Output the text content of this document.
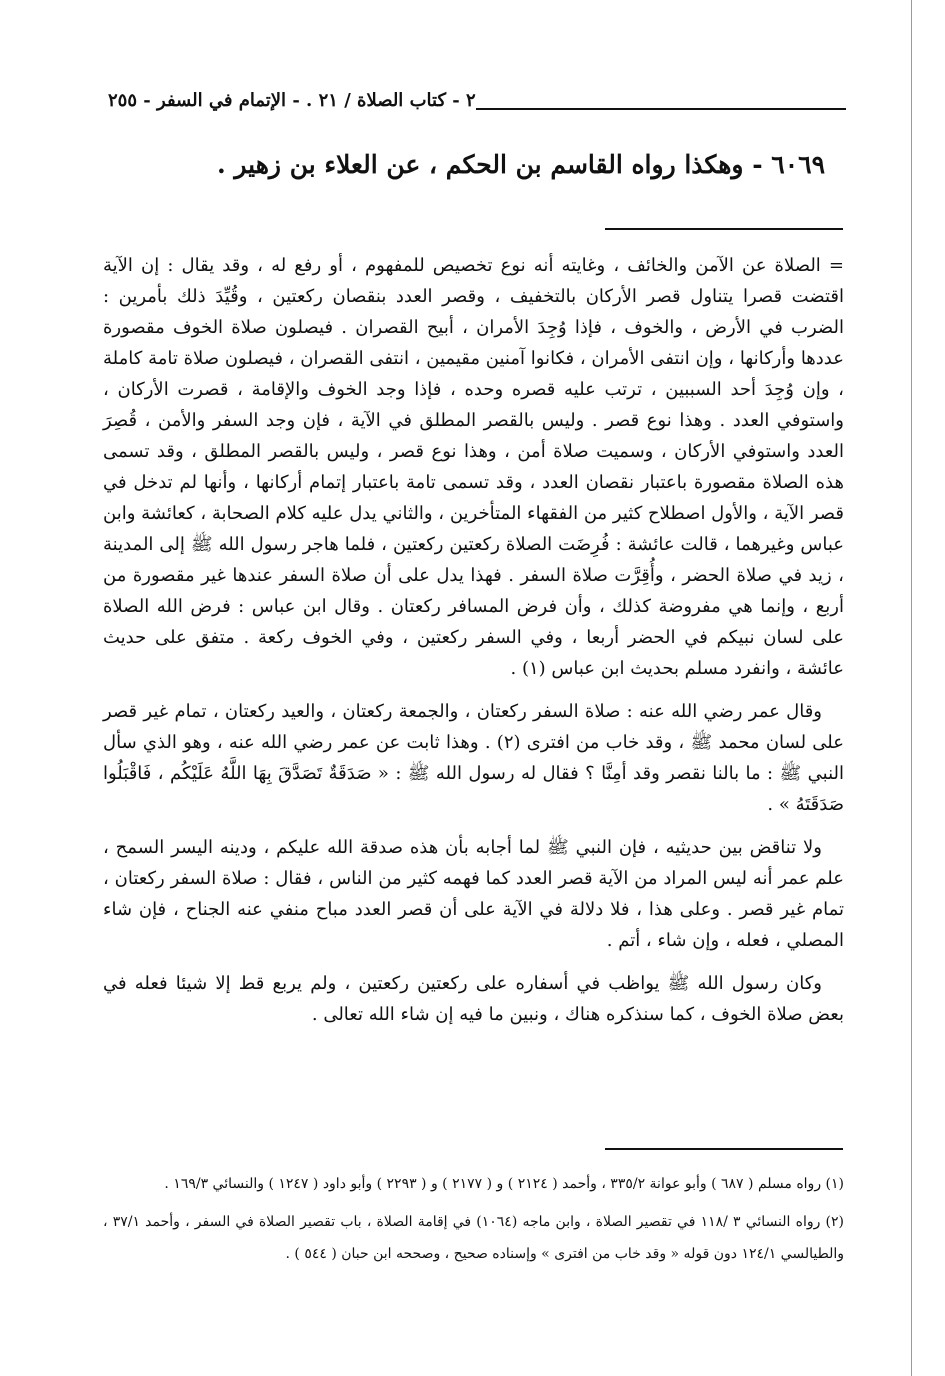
٢ - كتاب الصلاة / ٢١ . - الإتمام في السفر - ٢٥٥
٦٠٦٩ - وهكذا رواه القاسم بن الحكم ، عن العلاء بن زهير .

= الصلاة عن الآمن والخائف ، وغايته أنه نوع تخصيص للمفهوم ، أو رفع له ، وقد يقال : إن الآية اقتضت قصرا يتناول قصر الأركان بالتخفيف ، وقصر العدد بنقصان ركعتين ، وقُيِّدَ ذلك بأمرين : الضرب في الأرض ، والخوف ، فإذا وُجِدَ الأمران ، أبيح القصران . فيصلون صلاة الخوف مقصورة عددها وأركانها ، وإن انتفى الأمران ، فكانوا آمنين مقيمين ، انتفى القصران ، فيصلون صلاة تامة كاملة ، وإن وُجِدَ أحد السببين ، ترتب عليه قصره وحده ، فإذا وجد الخوف والإقامة ، قصرت الأركان ، واستوفي العدد . وهذا نوع قصر . وليس بالقصر المطلق في الآية ، فإن وجد السفر والأمن ، قُصِرَ العدد واستوفي الأركان ، وسميت صلاة أمن ، وهذا نوع قصر ، وليس بالقصر المطلق ، وقد تسمى هذه الصلاة مقصورة باعتبار نقصان العدد ، وقد تسمى تامة باعتبار إتمام أركانها ، وأنها لم تدخل في قصر الآية ، والأول اصطلاح كثير من الفقهاء المتأخرين ، والثاني يدل عليه كلام الصحابة ، كعائشة وابن عباس وغيرهما ، قالت عائشة : فُرِضَت الصلاة ركعتين ركعتين ، فلما هاجر رسول الله ﷺ إلى المدينة ، زيد في صلاة الحضر ، وأُقِرَّت صلاة السفر . فهذا يدل على أن صلاة السفر عندها غير مقصورة من أربع ، وإنما هي مفروضة كذلك ، وأن فرض المسافر ركعتان . وقال ابن عباس : فرض الله الصلاة على لسان نبيكم في الحضر أربعا ، وفي السفر ركعتين ، وفي الخوف ركعة . متفق على حديث عائشة ، وانفرد مسلم بحديث ابن عباس (١) .

وقال عمر رضي الله عنه : صلاة السفر ركعتان ، والجمعة ركعتان ، والعيد ركعتان ، تمام غير قصر على لسان محمد ﷺ ، وقد خاب من افترى (٢) . وهذا ثابت عن عمر رضي الله عنه ، وهو الذي سأل النبي ﷺ : ما بالنا نقصر وقد أمِنَّا ؟ فقال له رسول الله ﷺ : « صَدَقَةٌ تَصَدَّقَ بِهَا اللَّهُ عَلَيْكُم ، فَاقْبَلُوا صَدَقَتَهُ » .

ولا تناقض بين حديثيه ، فإن النبي ﷺ لما أجابه بأن هذه صدقة الله عليكم ، ودينه اليسر السمح ، علم عمر أنه ليس المراد من الآية قصر العدد كما فهمه كثير من الناس ، فقال : صلاة السفر ركعتان ، تمام غير قصر . وعلى هذا ، فلا دلالة في الآية على أن قصر العدد مباح منفي عنه الجناح ، فإن شاء المصلي ، فعله ، وإن شاء ، أتم .

وكان رسول الله ﷺ يواظب في أسفاره على ركعتين ركعتين ، ولم يربع قط إلا شيئا فعله في بعض صلاة الخوف ، كما سنذكره هناك ، ونبين ما فيه إن شاء الله تعالى .

(١) رواه مسلم ( ٦٨٧ ) وأبو عوانة ٣٣٥/٢ ، وأحمد ( ٢١٢٤ ) و ( ٢١٧٧ ) و ( ٢٢٩٣ ) وأبو داود ( ١٢٤٧ ) والنسائي ١٦٩/٣ .

(٢) رواه النسائي ٣ /١١٨ في تقصير الصلاة ، وابن ماجه (١٠٦٤) في إقامة الصلاة ، باب تقصير الصلاة في السفر ، وأحمد ٣٧/١ ، والطيالسي ١٢٤/١ دون قوله « وقد خاب من افترى » وإسناده صحيح ، وصححه ابن حبان ( ٥٤٤ ) .
